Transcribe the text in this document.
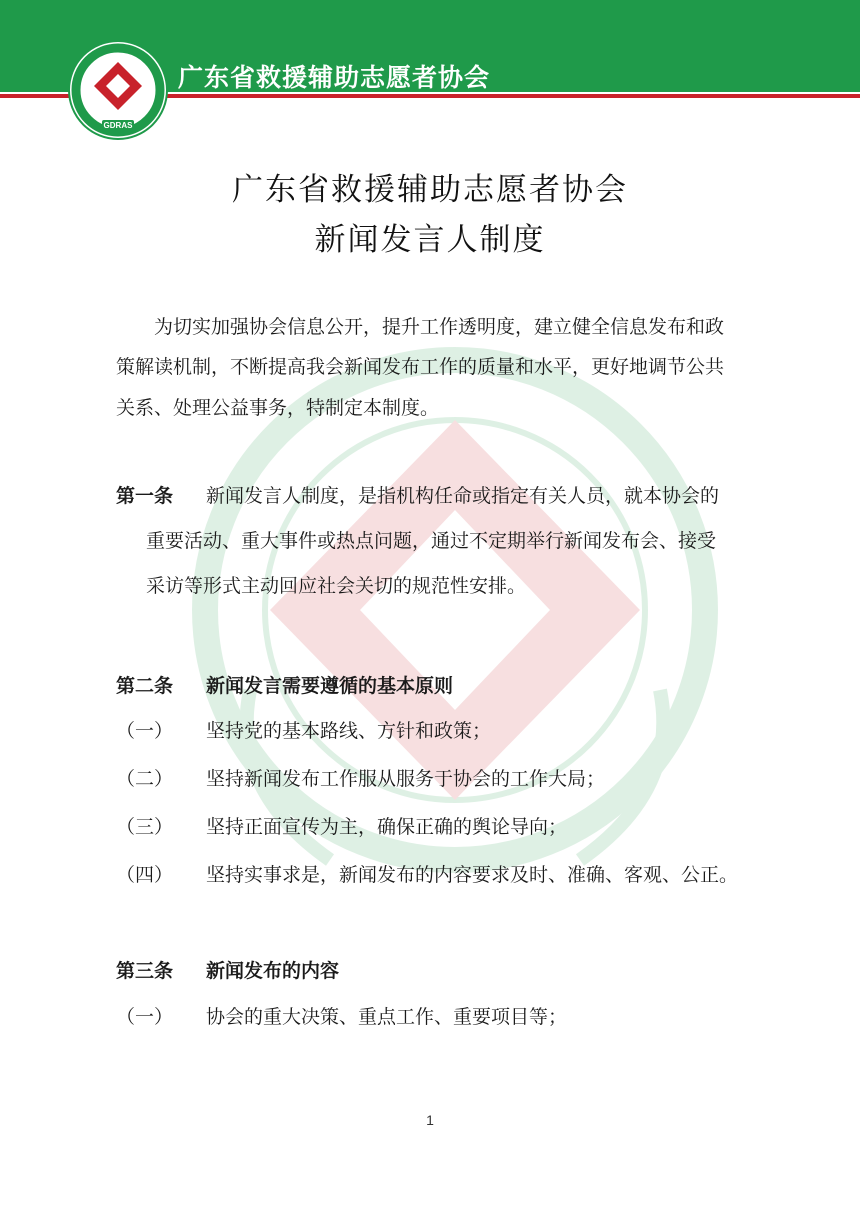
GDRAS
广东省救援辅助志愿者协会
广东省救援辅助志愿者协会
新闻发言人制度
为切实加强协会信息公开，提升工作透明度，建立健全信息发布和政
策解读机制，不断提高我会新闻发布工作的质量和水平，更好地调节公共
关系、处理公益事务，特制定本制度。
第一条 新闻发言人制度，是指机构任命或指定有关人员，就本协会的
重要活动、重大事件或热点问题，通过不定期举行新闻发布会、接受
采访等形式主动回应社会关切的规范性安排。
第二条 新闻发言需要遵循的基本原则
（一） 坚持党的基本路线、方针和政策；
（二） 坚持新闻发布工作服从服务于协会的工作大局；
（三） 坚持正面宣传为主，确保正确的舆论导向；
（四） 坚持实事求是，新闻发布的内容要求及时、准确、客观、公正。
第三条 新闻发布的内容
（一） 协会的重大决策、重点工作、重要项目等；
1
